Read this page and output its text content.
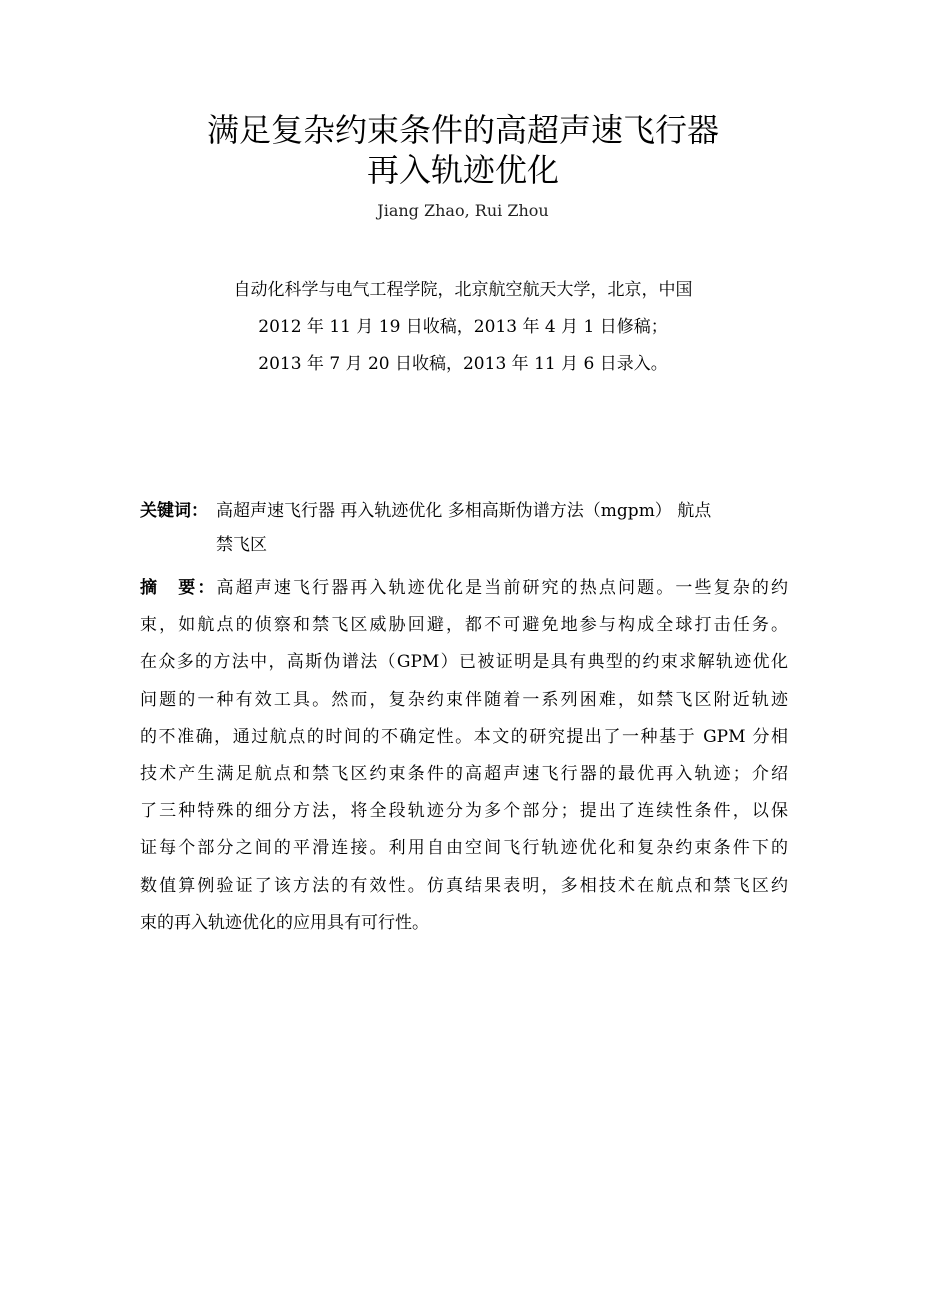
满足复杂约束条件的高超声速飞行器
再入轨迹优化
Jiang Zhao, Rui Zhou
自动化科学与电气工程学院，北京航空航天大学，北京，中国
2012 年 11 月 19 日收稿，2013 年 4 月 1 日修稿；
2013 年 7 月 20 日收稿，2013 年 11 月 6 日录入。
关键词： 高超声速飞行器 再入轨迹优化 多相高斯伪谱方法（mgpm） 航点
禁飞区
摘　要：高超声速飞行器再入轨迹优化是当前研究的热点问题。一些复杂的约
束，如航点的侦察和禁飞区威胁回避，都不可避免地参与构成全球打击任务。
在众多的方法中，高斯伪谱法（GPM）已被证明是具有典型的约束求解轨迹优化
问题的一种有效工具。然而，复杂约束伴随着一系列困难，如禁飞区附近轨迹
的不准确，通过航点的时间的不确定性。本文的研究提出了一种基于 GPM 分相
技术产生满足航点和禁飞区约束条件的高超声速飞行器的最优再入轨迹；介绍
了三种特殊的细分方法，将全段轨迹分为多个部分；提出了连续性条件，以保
证每个部分之间的平滑连接。利用自由空间飞行轨迹优化和复杂约束条件下的
数值算例验证了该方法的有效性。仿真结果表明，多相技术在航点和禁飞区约
束的再入轨迹优化的应用具有可行性。
